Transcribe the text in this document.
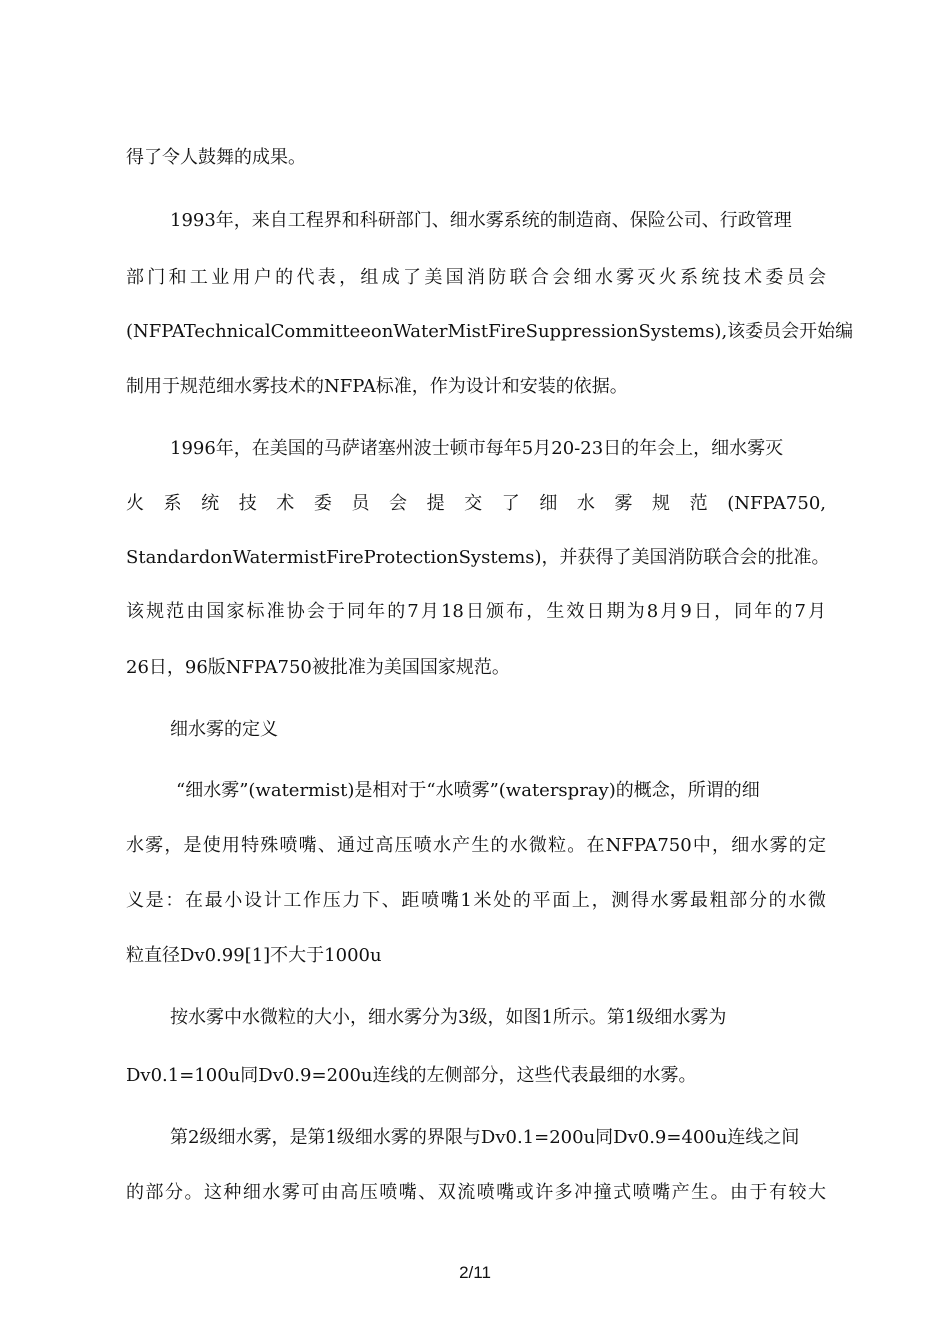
得了令人鼓舞的成果。
1993年，来自工程界和科研部门、细水雾系统的制造商、保险公司、行政管理
部门和工业用户的代表，组成了美国消防联合会细水雾灭火系统技术委员会
(NFPATechnicalCommitteeonWaterMistFireSuppressionSystems),该委员会开始编
制用于规范细水雾技术的NFPA标准，作为设计和安装的依据。
1996年，在美国的马萨诸塞州波士顿市每年5月20-23日的年会上，细水雾灭
火系统技术委员会提交了细水雾规范(NFPA750,
StandardonWatermistFireProtectionSystems)，并获得了美国消防联合会的批准。
该规范由国家标准协会于同年的7月18日颁布，生效日期为8月9日，同年的7月
26日，96版NFPA750被批准为美国国家规范。
细水雾的定义
“细水雾”(watermist)是相对于“水喷雾”(waterspray)的概念，所谓的细
水雾，是使用特殊喷嘴、通过高压喷水产生的水微粒。在NFPA750中，细水雾的定
义是：在最小设计工作压力下、距喷嘴1米处的平面上，测得水雾最粗部分的水微
粒直径Dv0.99[1]不大于1000u
按水雾中水微粒的大小，细水雾分为3级，如图1所示。第1级细水雾为
Dv0.1=100u同Dv0.9=200u连线的左侧部分，这些代表最细的水雾。
第2级细水雾，是第1级细水雾的界限与Dv0.1=200u同Dv0.9=400u连线之间
的部分。这种细水雾可由高压喷嘴、双流喷嘴或许多冲撞式喷嘴产生。由于有较大
2/11
